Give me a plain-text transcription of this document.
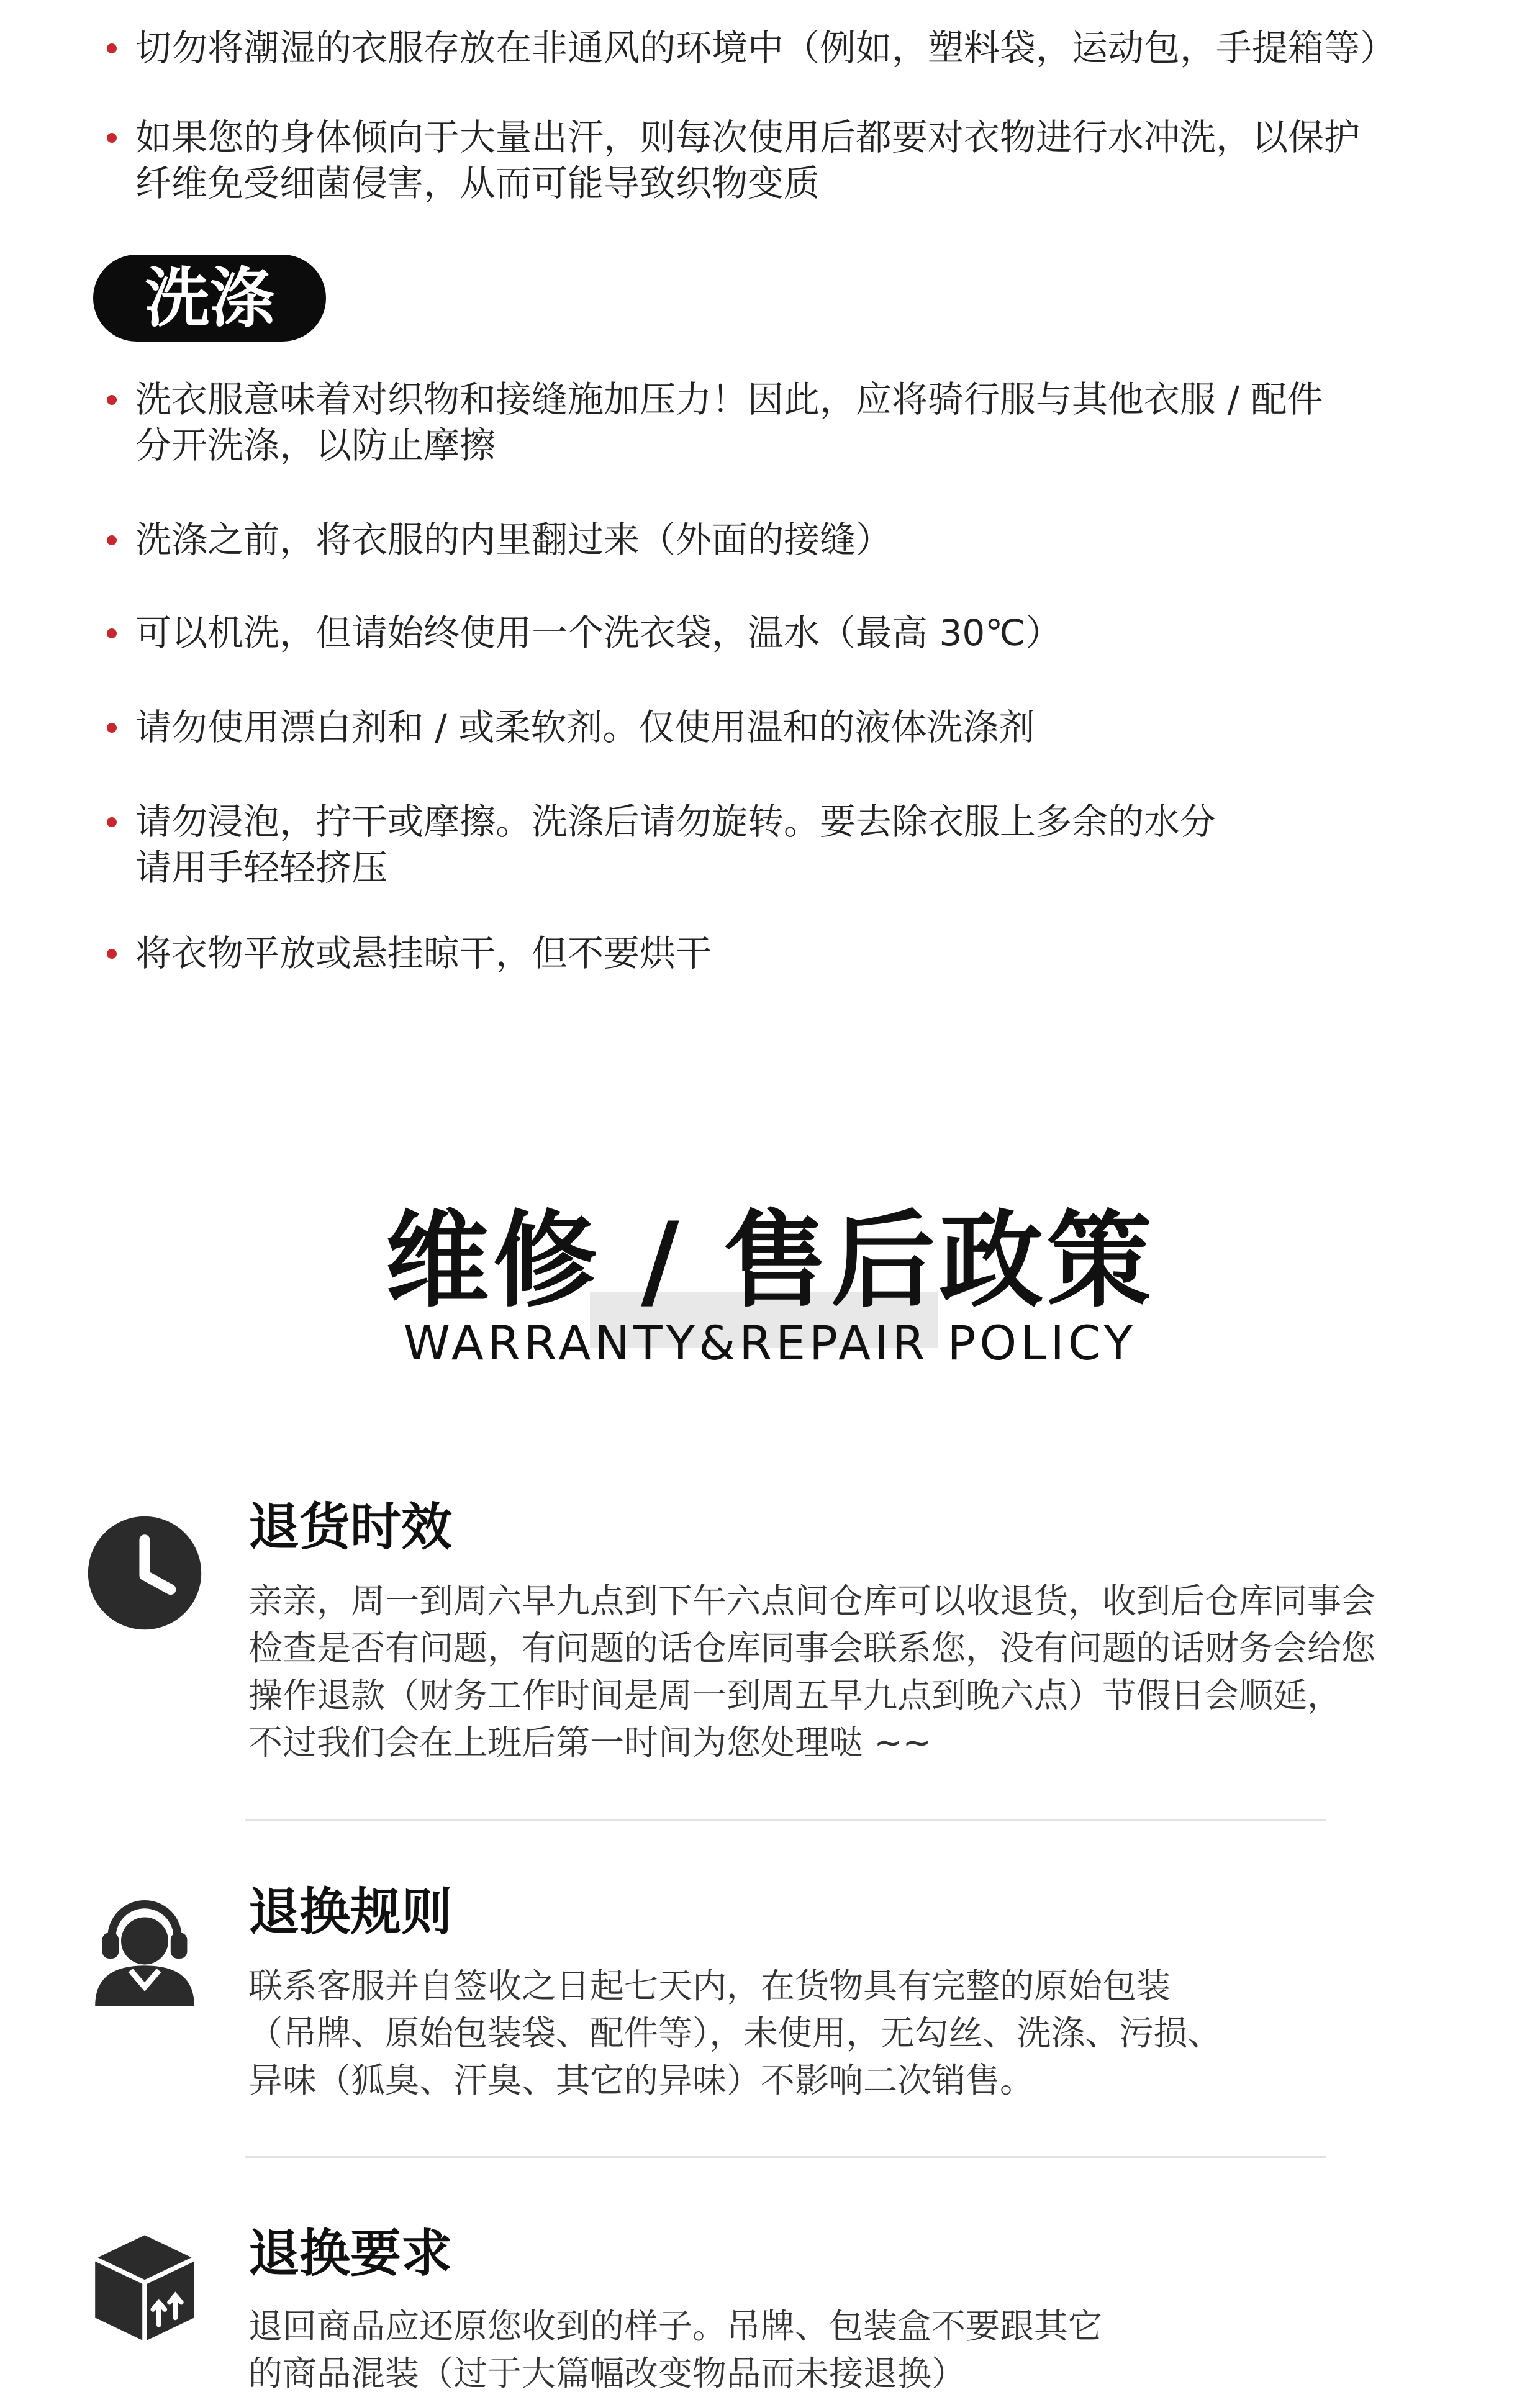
切勿将潮湿的衣服存放在非通风的环境中（例如，塑料袋，运动包，手提箱等）
如果您的身体倾向于大量出汗，则每次使用后都要对衣物进行水冲洗，以保护
纤维免受细菌侵害，从而可能导致织物变质
洗涤
洗衣服意味着对织物和接缝施加压力！因此，应将骑行服与其他衣服 / 配件
分开洗涤，以防止摩擦
洗涤之前，将衣服的内里翻过来（外面的接缝）
可以机洗，但请始终使用一个洗衣袋，温水（最高 30℃）
请勿使用漂白剂和 / 或柔软剂。仅使用温和的液体洗涤剂
请勿浸泡，拧干或摩擦。洗涤后请勿旋转。要去除衣服上多余的水分
请用手轻轻挤压
将衣物平放或悬挂晾干，但不要烘干
维修 / 售后政策
WARRANTY&REPAIR POLICY
退货时效
亲亲，周一到周六早九点到下午六点间仓库可以收退货，收到后仓库同事会
检查是否有问题，有问题的话仓库同事会联系您，没有问题的话财务会给您
操作退款（财务工作时间是周一到周五早九点到晚六点）节假日会顺延，
不过我们会在上班后第一时间为您处理哒 ~~
退换规则
联系客服并自签收之日起七天内，在货物具有完整的原始包装
（吊牌、原始包装袋、配件等），未使用，无勾丝、洗涤、污损、
异味（狐臭、汗臭、其它的异味）不影响二次销售。
退换要求
退回商品应还原您收到的样子。吊牌、包装盒不要跟其它
的商品混装（过于大篇幅改变物品而未接退换）
